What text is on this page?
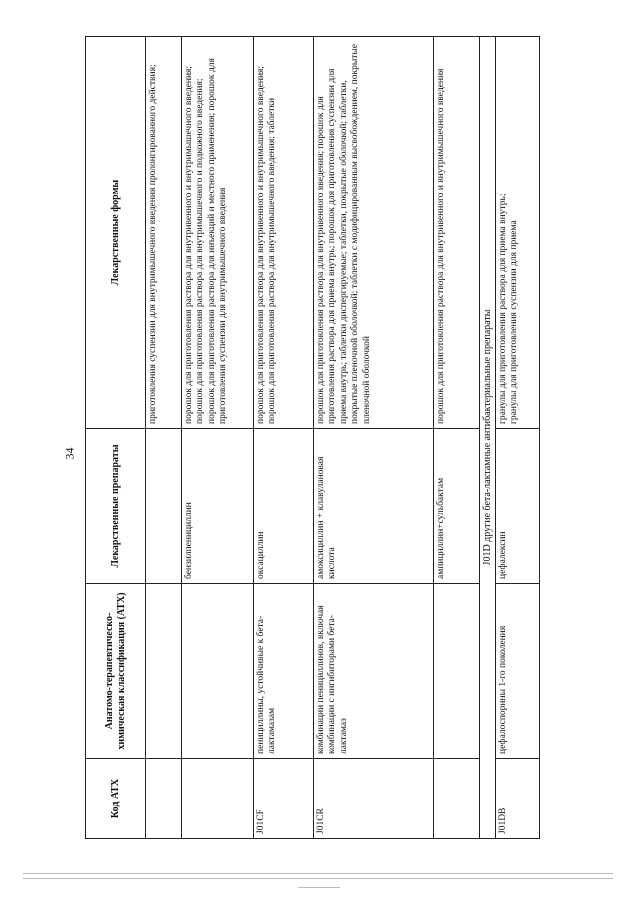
34
Код АТХ	Анатомо-терапевтическо-химическая классификация (АТХ)	Лекарственные препараты	Лекарственные формы
			приготовления суспензии для внутримышечного введения пролонгированного действия;
		бензилпенициллин	порошок для приготовления раствора для внутривенного и внутримышечного введения; порошок для приготовления раствора для внутримышечного и подкожного введения; порошок для приготовления раствора для инъекций и местного применения; порошок для приготовления суспензии для внутримышечного введения
J01CF	пенициллины, устойчивые к бета-лактамазам	оксациллин	порошок для приготовления раствора для внутривенного и внутримышечного введения; порошок для приготовления раствора для внутримышечного введения; таблетки
J01CR	комбинации пенициллинов, включая комбинации с ингибиторами бета-лактамаз	амоксициллин + клавулановая кислота	порошок для приготовления раствора для внутривенного введения; порошок для приготовления раствора для приема внутрь; порошок для приготовления суспензии для приема внутрь; таблетки диспергируемые; таблетки, покрытые оболочкой; таблетки, покрытые пленочной оболочкой; таблетки с модифицированным высвобождением, покрытые пленочной оболочкой
		ампициллин+сульбактам	порошок для приготовления раствора для внутривенного и внутримышечного введения
J01D другие бета-лактамные антибактериальные препараты			
J01DB	цефалоспорины 1-го поколения	цефалексин	гранулы для приготовления раствора для приема внутрь; гранулы для приготовления суспензии для приема
